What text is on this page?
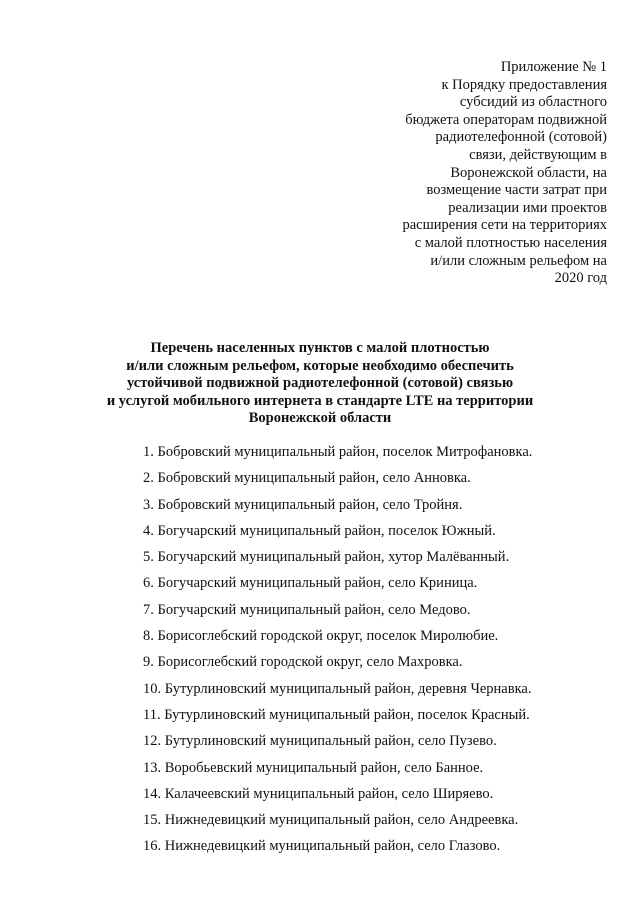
Приложение № 1
к Порядку предоставления
субсидий из областного
бюджета операторам подвижной
радиотелефонной (сотовой)
связи, действующим в
Воронежской области, на
возмещение части затрат при
реализации ими проектов
расширения сети на территориях
с малой плотностью населения
и/или сложным рельефом на
2020 год
Перечень населенных пунктов с малой плотностью
и/или сложным рельефом, которые необходимо обеспечить
устойчивой подвижной радиотелефонной (сотовой) связью
и услугой мобильного интернета в стандарте LTE на территории
Воронежской области
1. Бобровский муниципальный район, поселок Митрофановка.
2. Бобровский муниципальный район, село Анновка.
3. Бобровский муниципальный район, село Тройня.
4. Богучарский муниципальный район, поселок Южный.
5. Богучарский муниципальный район, хутор Малёванный.
6. Богучарский муниципальный район, село Криница.
7. Богучарский муниципальный район, село Медово.
8. Борисоглебский городской округ, поселок Миролюбие.
9. Борисоглебский городской округ, село Махровка.
10. Бутурлиновский муниципальный район, деревня Чернавка.
11. Бутурлиновский муниципальный район, поселок Красный.
12. Бутурлиновский муниципальный район, село Пузево.
13. Воробьевский муниципальный район, село Банное.
14. Калачеевский муниципальный район, село Ширяево.
15. Нижнедевицкий муниципальный район, село Андреевка.
16. Нижнедевицкий муниципальный район, село Глазово.
